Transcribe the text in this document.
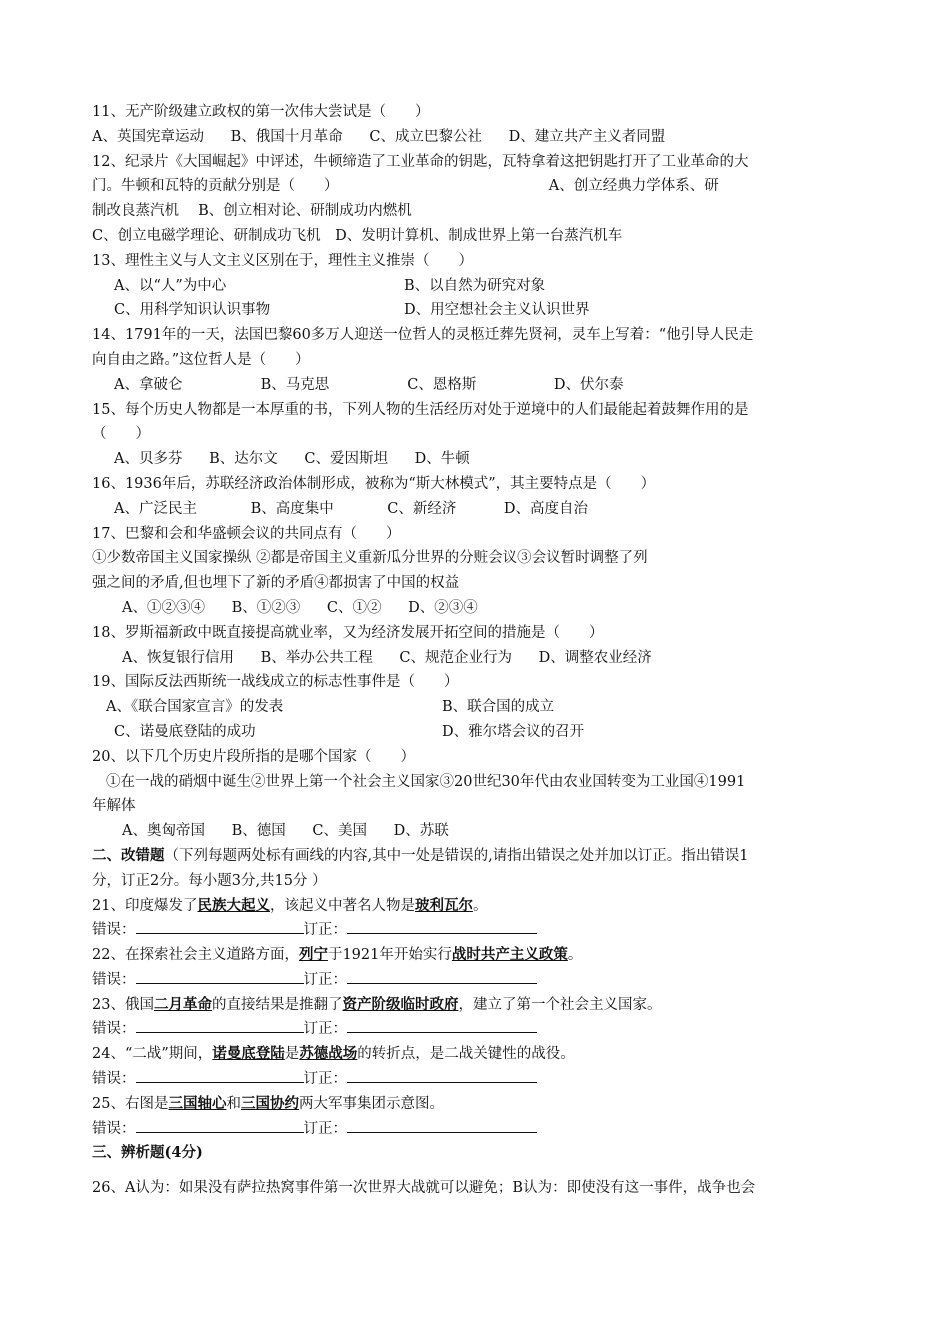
11、无产阶级建立政权的第一次伟大尝试是（　　）
A、英国宪章运动 B、俄国十月革命 C、成立巴黎公社 D、建立共产主义者同盟
12、纪录片《大国崛起》中评述，牛顿缔造了工业革命的钥匙，瓦特拿着这把钥匙打开了工业革命的大
门。牛顿和瓦特的贡献分别是（　　）　　　　　　　　　　　　　　　A、创立经典力学体系、研
制改良蒸汽机　 B、创立相对论、研制成功内燃机
C、创立电磁学理论、研制成功飞机　D、发明计算机、制成世界上第一台蒸汽机车
13、理性主义与人文主义区别在于，理性主义推崇（　　）
A、以“人”为中心	B、以自然为研究对象
C、用科学知识认识事物	D、用空想社会主义认识世界
14、1791年的一天，法国巴黎60多万人迎送一位哲人的灵柩迁葬先贤祠，灵车上写着：“他引导人民走
向自由之路。”这位哲人是（　　）
A、拿破仑	B、马克思	C、恩格斯	D、伏尔泰
15、每个历史人物都是一本厚重的书，下列人物的生活经历对处于逆境中的人们最能起着鼓舞作用的是
（　　）
A、贝多芬 B、达尔文 C、爱因斯坦 D、牛顿
16、1936年后，苏联经济政治体制形成，被称为“斯大林模式”，其主要特点是（　　）
A、广泛民主	B、高度集中	C、新经济	D、高度自治
17、巴黎和会和华盛顿会议的共同点有（　　）
①少数帝国主义国家操纵 ②都是帝国主义重新瓜分世界的分赃会议③会议暂时调整了列
强之间的矛盾,但也埋下了新的矛盾④都损害了中国的权益
A、①②③④ B、①②③ C、①② D、②③④
18、罗斯福新政中既直接提高就业率，又为经济发展开拓空间的措施是（　　）
A、恢复银行信用 B、举办公共工程 C、规范企业行为 D、调整农业经济
19、国际反法西斯统一战线成立的标志性事件是（　　）
A、《联合国家宣言》的发表	B、联合国的成立
C、诺曼底登陆的成功	D、雅尔塔会议的召开
20、以下几个历史片段所指的是哪个国家（　　）
①在一战的硝烟中诞生②世界上第一个社会主义国家③20世纪30年代由农业国转变为工业国④1991
年解体
A、奥匈帝国 B、德国 C、美国 D、苏联
二、改错题（下列每题两处标有画线的内容,其中一处是错误的,请指出错误之处并加以订正。指出错误1
分，订正2分。每小题3分,共15分 ）
21、印度爆发了民族大起义，该起义中著名人物是玻利瓦尔。
错误：	订正：
22、在探索社会主义道路方面，列宁于1921年开始实行战时共产主义政策。
错误：	订正：
23、俄国二月革命的直接结果是推翻了资产阶级临时政府，建立了第一个社会主义国家。
错误：	订正：
24、“二战”期间，诺曼底登陆是苏德战场的转折点，是二战关键性的战役。
错误：	订正：
25、右图是三国轴心和三国协约两大军事集团示意图。
错误：	订正：
三、辨析题(4分)
26、A认为：如果没有萨拉热窝事件第一次世界大战就可以避免；B认为：即使没有这一事件，战争也会
